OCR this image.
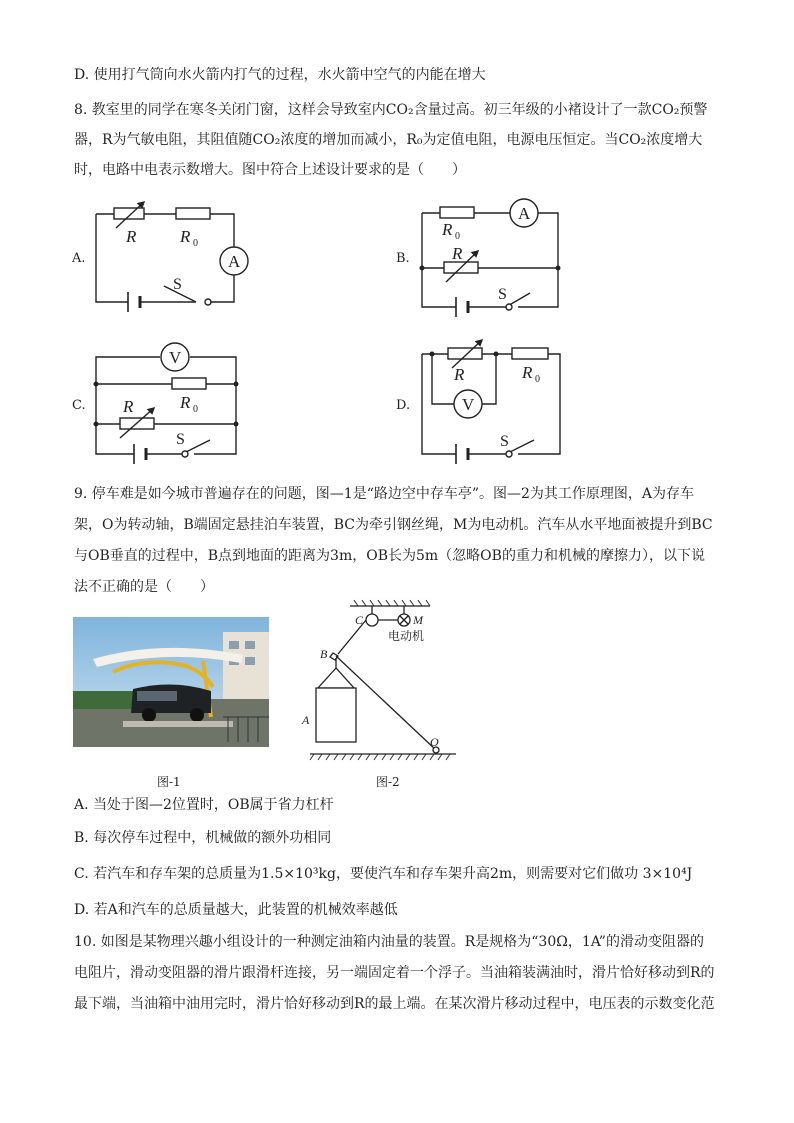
D. 使用打气筒向水火箭内打气的过程，水火箭中空气的内能在增大
8. 教室里的同学在寒冬关闭门窗，这样会导致室内CO₂含量过高。初三年级的小褚设计了一款CO₂预警
器，R为气敏电阻，其阻值随CO₂浓度的增加而减小，R₀为定值电阻，电源电压恒定。当CO₂浓度增大
时，电路中电表示数增大。图中符合上述设计要求的是（　　）
A.	B.
C.	D.
R	R 0
A
S
R 0
R
A
S
V
R	R 0
S
R	R 0
V
S
9. 停车难是如今城市普遍存在的问题，图—1是“路边空中存车亭”。图—2为其工作原理图，A为存车
架，O为转动轴，B端固定悬挂泊车装置，BC为牵引钢丝绳，M为电动机。汽车从水平地面被提升到BC
与OB垂直的过程中，B点到地面的距离为3m，OB长为5m（忽略OB的重力和机械的摩擦力），以下说
法不正确的是（　　）
C	M
电动机
B
A
O
图-1	图-2
A. 当处于图—2位置时，OB属于省力杠杆
B. 每次停车过程中，机械做的额外功相同
C. 若汽车和存车架的总质量为1.5×10³kg，要使汽车和存车架升高2m，则需要对它们做功 3×10⁴J
D. 若A和汽车的总质量越大，此装置的机械效率越低
10. 如图是某物理兴趣小组设计的一种测定油箱内油量的装置。R是规格为“30Ω，1A”的滑动变阻器的
电阻片，滑动变阻器的滑片跟滑杆连接，另一端固定着一个浮子。当油箱装满油时，滑片恰好移动到R的
最下端，当油箱中油用完时，滑片恰好移动到R的最上端。在某次滑片移动过程中，电压表的示数变化范
